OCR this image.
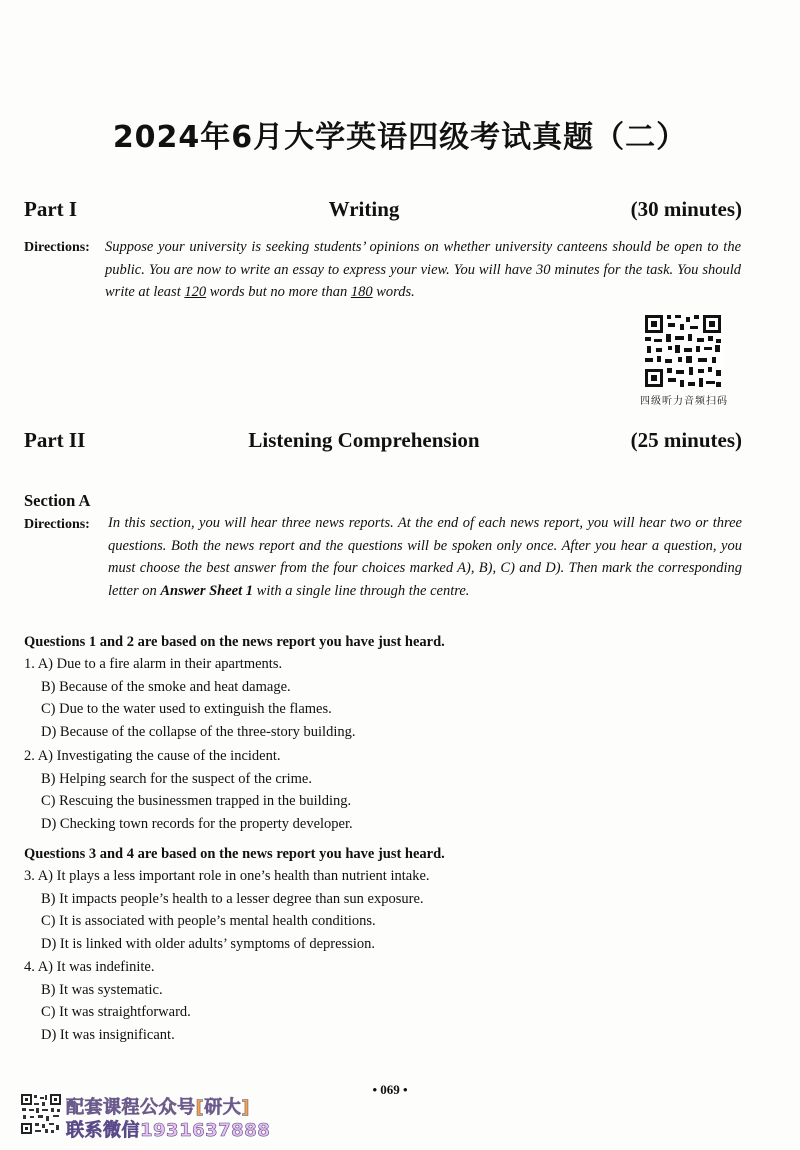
2024年6月大学英语四级考试真题（二）
Part I	Writing	(30 minutes)
Directions: Suppose your university is seeking students’ opinions on whether university canteens should be open to the public. You are now to write an essay to express your view. You will have 30 minutes for the task. You should write at least 120 words but no more than 180 words.
四级听力音频扫码
Part II	Listening Comprehension	(25 minutes)
Section A
Directions: In this section, you will hear three news reports. At the end of each news report, you will hear two or three questions. Both the news report and the questions will be spoken only once. After you hear a question, you must choose the best answer from the four choices marked A), B), C) and D). Then mark the corresponding letter on Answer Sheet 1 with a single line through the centre.
Questions 1 and 2 are based on the news report you have just heard.
1. A) Due to a fire alarm in their apartments.
B) Because of the smoke and heat damage.
C) Due to the water used to extinguish the flames.
D) Because of the collapse of the three-story building.
2. A) Investigating the cause of the incident.
B) Helping search for the suspect of the crime.
C) Rescuing the businessmen trapped in the building.
D) Checking town records for the property developer.
Questions 3 and 4 are based on the news report you have just heard.
3. A) It plays a less important role in one’s health than nutrient intake.
B) It impacts people’s health to a lesser degree than sun exposure.
C) It is associated with people’s mental health conditions.
D) It is linked with older adults’ symptoms of depression.
4. A) It was indefinite.
B) It was systematic.
C) It was straightforward.
D) It was insignificant.
• 069 •
配套课程公众号[研大]
联系微信1931637888
